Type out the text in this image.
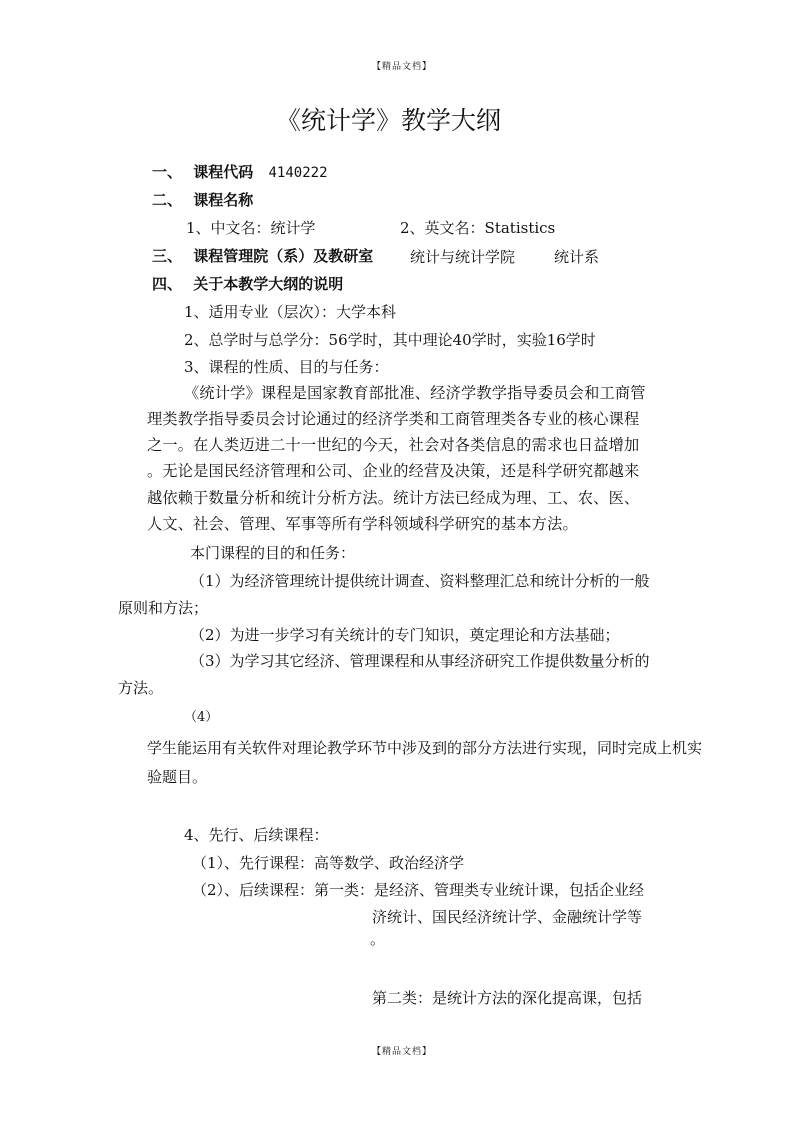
【精品文档】
《统计学》教学大纲
一、 课程代码 4140222
二、 课程名称
1、中文名：统计学	2、英文名：Statistics
三、 课程管理院（系）及教研室 统计与统计学院	统计系
四、 关于本教学大纲的说明
1、适用专业（层次）：大学本科
2、总学时与总学分：56学时，其中理论40学时，实验16学时
3、课程的性质、目的与任务：
《统计学》课程是国家教育部批准、经济学教学指导委员会和工商管
理类教学指导委员会讨论通过的经济学类和工商管理类各专业的核心课程
之一。在人类迈进二十一世纪的今天，社会对各类信息的需求也日益增加
。无论是国民经济管理和公司、企业的经营及决策，还是科学研究都越来
越依赖于数量分析和统计分析方法。统计方法已经成为理、工、农、医、
人文、社会、管理、军事等所有学科领域科学研究的基本方法。
本门课程的目的和任务：
（1）为经济管理统计提供统计调查、资料整理汇总和统计分析的一般
原则和方法；
（2）为进一步学习有关统计的专门知识，奠定理论和方法基础；
（3）为学习其它经济、管理课程和从事经济研究工作提供数量分析的
方法。
（4）
学生能运用有关软件对理论教学环节中涉及到的部分方法进行实现，同时完成上机实
验题目。
4、先行、后续课程：
（1）、先行课程：高等数学、政治经济学
（2）、后续课程：第一类：是经济、管理类专业统计课，包括企业经
济统计、国民经济统计学、金融统计学等
。
第二类：是统计方法的深化提高课，包括
【精品文档】
